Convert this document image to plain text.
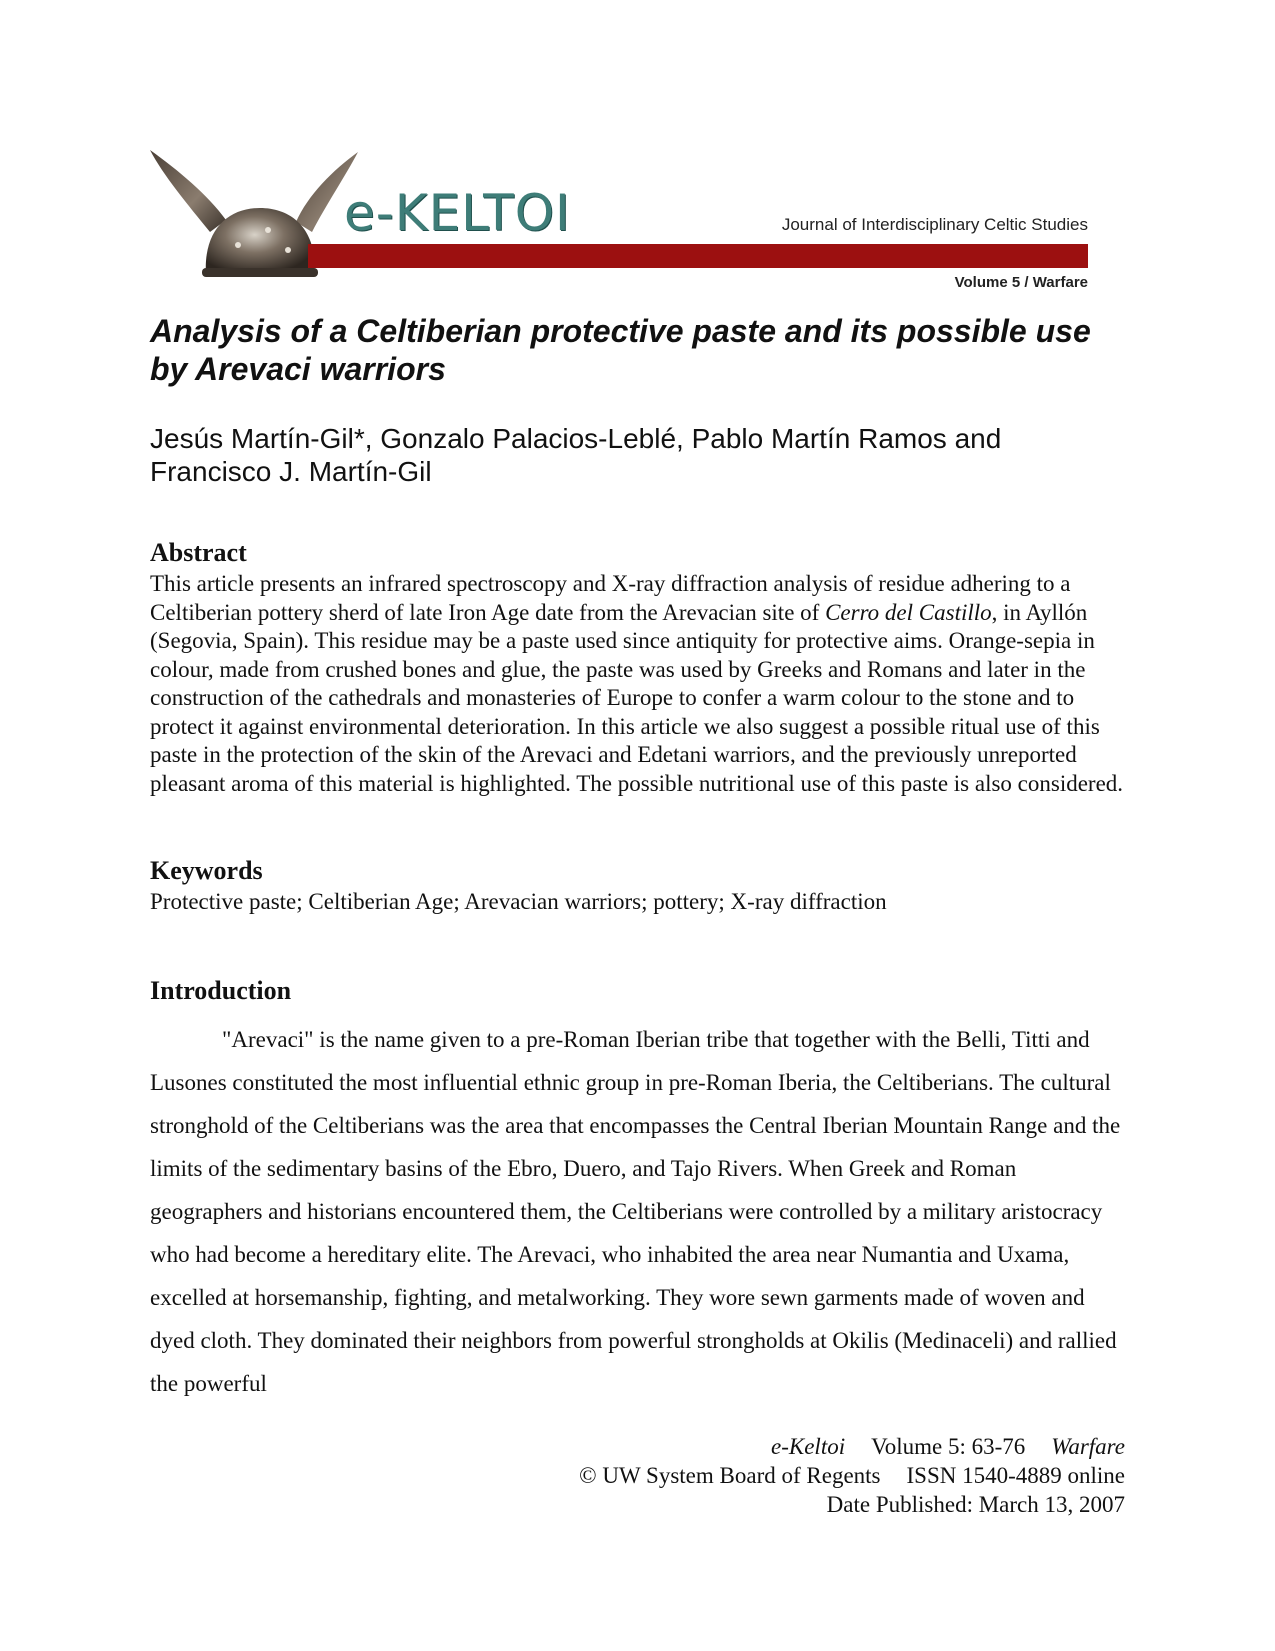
e-KELTOI	Journal of Interdisciplinary Celtic Studies
Volume 5 / Warfare
Analysis of a Celtiberian protective paste and its possible use by Arevaci warriors

Jesús Martín-Gil*, Gonzalo Palacios-Leblé, Pablo Martín Ramos and Francisco J. Martín-Gil

Abstract

This article presents an infrared spectroscopy and X-ray diffraction analysis of residue adhering to a Celtiberian pottery sherd of late Iron Age date from the Arevacian site of Cerro del Castillo, in Ayllón (Segovia, Spain). This residue may be a paste used since antiquity for protective aims. Orange-sepia in colour, made from crushed bones and glue, the paste was used by Greeks and Romans and later in the construction of the cathedrals and monasteries of Europe to confer a warm colour to the stone and to protect it against environmental deterioration. In this article we also suggest a possible ritual use of this paste in the protection of the skin of the Arevaci and Edetani warriors, and the previously unreported pleasant aroma of this material is highlighted. The possible nutritional use of this paste is also considered.

Keywords

Protective paste; Celtiberian Age; Arevacian warriors; pottery; X-ray diffraction

Introduction

"Arevaci" is the name given to a pre-Roman Iberian tribe that together with the Belli, Titti and Lusones constituted the most influential ethnic group in pre-Roman Iberia, the Celtiberians. The cultural stronghold of the Celtiberians was the area that encompasses the Central Iberian Mountain Range and the limits of the sedimentary basins of the Ebro, Duero, and Tajo Rivers. When Greek and Roman geographers and historians encountered them, the Celtiberians were controlled by a military aristocracy who had become a hereditary elite. The Arevaci, who inhabited the area near Numantia and Uxama, excelled at horsemanship, fighting, and metalworking. They wore sewn garments made of woven and dyed cloth. They dominated their neighbors from powerful strongholds at Okilis (Medinaceli) and rallied the powerful

e-Keltoi Volume 5: 63-76 Warfare
© UW System Board of Regents ISSN 1540-4889 online
Date Published: March 13, 2007
